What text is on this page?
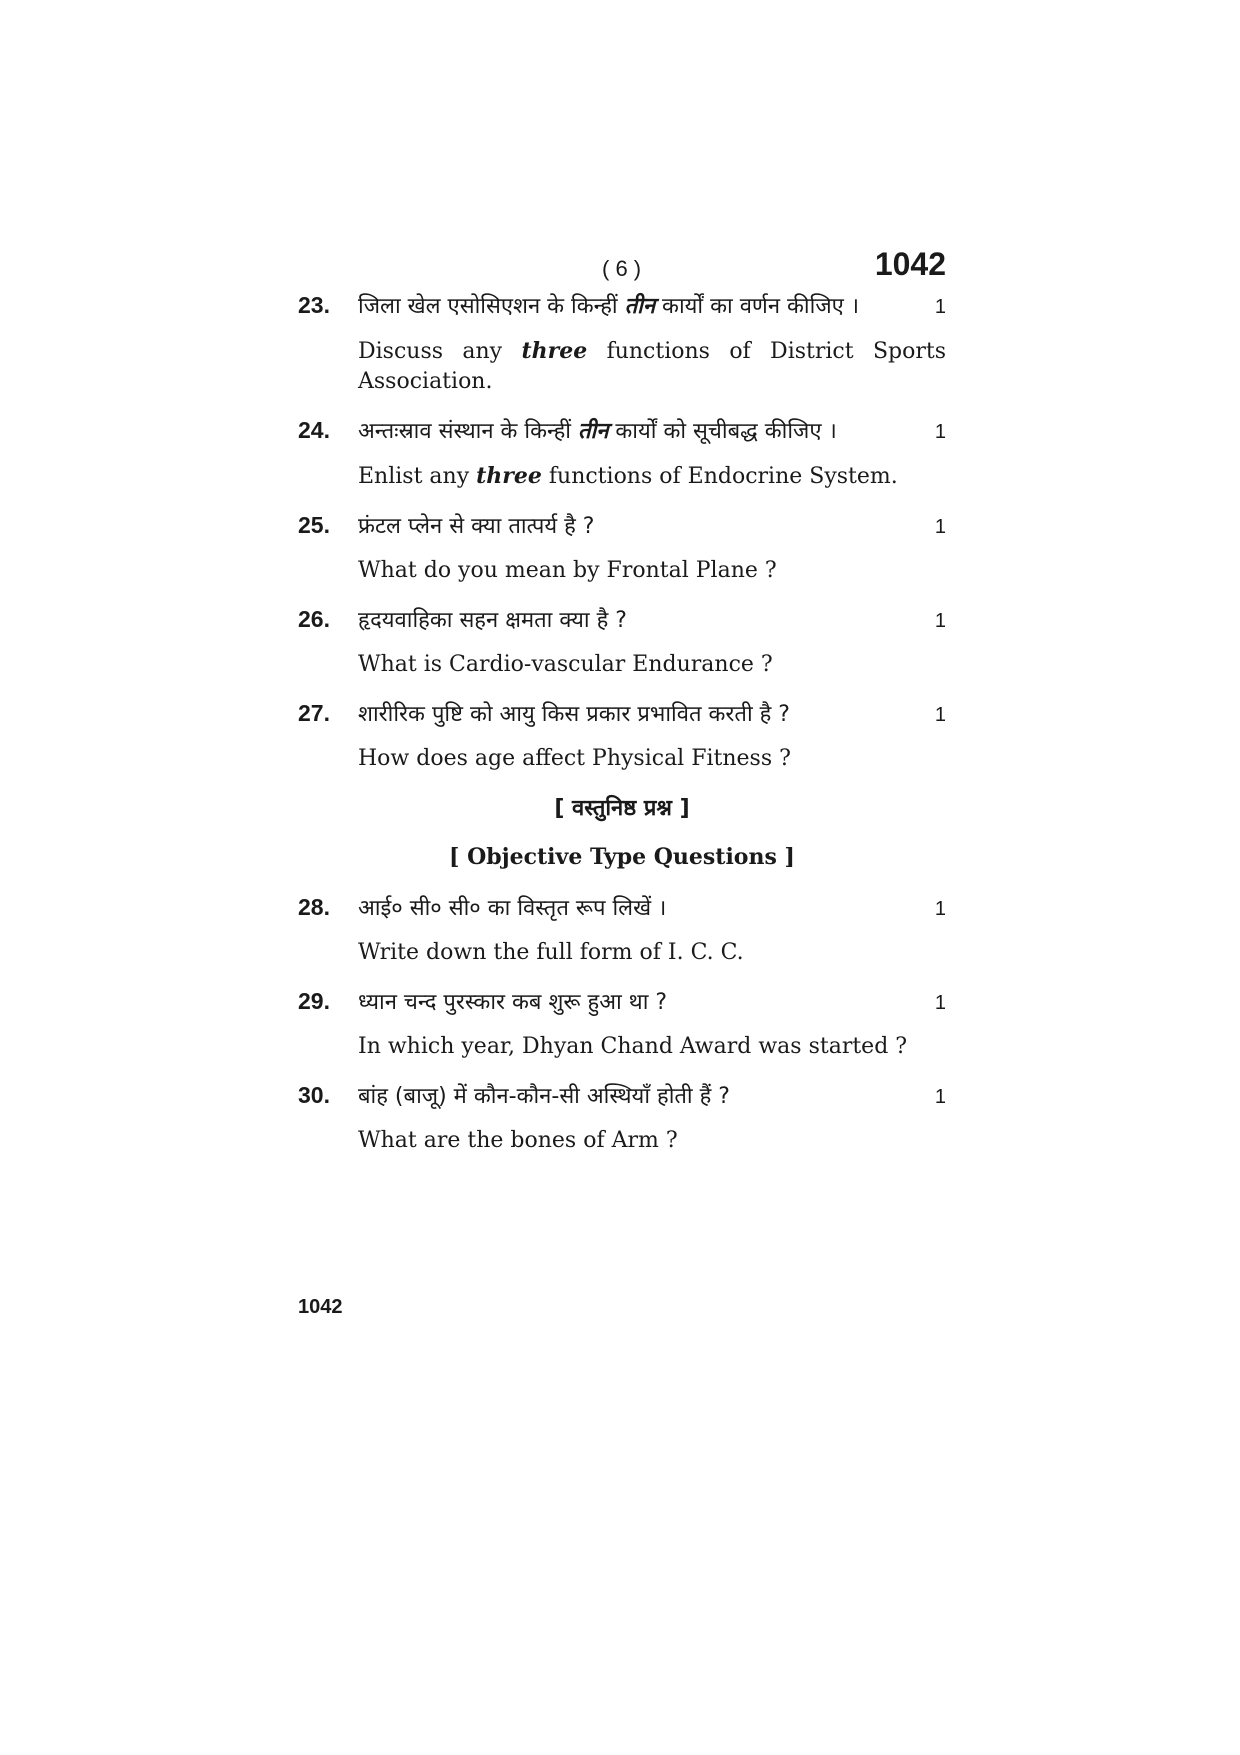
( 6 )	1042
23.	जिला खेल एसोसिएशन के किन्हीं तीन कार्यों का वर्णन कीजिए ।	1
Discuss any three functions of District Sports Association.
24.	अन्तःस्राव संस्थान के किन्हीं तीन कार्यों को सूचीबद्ध कीजिए ।	1
Enlist any three functions of Endocrine System.
25.	फ्रंटल प्लेन से क्या तात्पर्य है ?	1
What do you mean by Frontal Plane ?
26.	हृदयवाहिका सहन क्षमता क्या है ?	1
What is Cardio-vascular Endurance ?
27.	शारीरिक पुष्टि को आयु किस प्रकार प्रभावित करती है ?	1
How does age affect Physical Fitness ?
[ वस्तुनिष्ठ प्रश्न ]
[ Objective Type Questions ]
28.	आई० सी० सी० का विस्तृत रूप लिखें ।	1
Write down the full form of I. C. C.
29.	ध्यान चन्द पुरस्कार कब शुरू हुआ था ?	1
In which year, Dhyan Chand Award was started ?
30.	बांह (बाजू) में कौन-कौन-सी अस्थियाँ होती हैं ?	1
What are the bones of Arm ?
1042
